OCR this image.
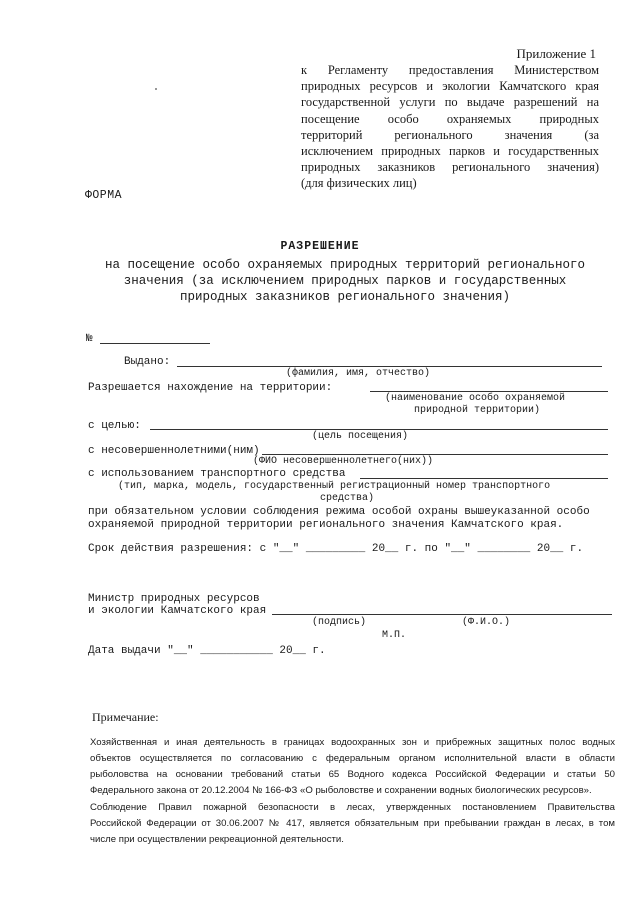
Приложение 1
к Регламенту предоставления Министерством
природных ресурсов и экологии Камчатского края
государственной услуги по выдаче разрешений на
посещение особо охраняемых природных
территорий регионального значения (за
исключением природных парков и государственных
природных заказников регионального значения)
(для физических лиц)
ФОРМА
РАЗРЕШЕНИЕ
на посещение особо охраняемых природных территорий регионального
значения (за исключением природных парков и государственных
природных заказников регионального значения)
№
Выдано:
(фамилия, имя, отчество)
Разрешается нахождение на территории:
(наименование особо охраняемой
природной территории)
с целью:
(цель посещения)
с несовершеннолетними(ним)
(ФИО несовершеннолетнего(них))
с использованием транспортного средства
(тип, марка, модель, государственный регистрационный номер транспортного
средства)
при обязательном условии соблюдения режима особой охраны вышеуказанной особо
охраняемой природной территории регионального значения Камчатского края.
Срок действия разрешения: с "__" _________ 20__ г. по "__" ________ 20__ г.
Министр природных ресурсов
и экологии Камчатского края
(подпись)	(Ф.И.О.)
М.П.
Дата выдачи "__" ___________ 20__ г.
Примечание:
Хозяйственная и иная деятельность в границах водоохранных зон и прибрежных защитных полос водных
объектов осуществляется по согласованию с федеральным органом исполнительной власти в области
рыболовства на основании требований статьи 65 Водного кодекса Российской Федерации и статьи 50
Федерального закона от 20.12.2004 № 166-ФЗ «О рыболовстве и сохранении водных биологических ресурсов».
Соблюдение Правил пожарной безопасности в лесах, утвержденных постановлением Правительства
Российской Федерации от 30.06.2007 № 417, является обязательным при пребывании граждан в лесах, в том
числе при осуществлении рекреационной деятельности.
